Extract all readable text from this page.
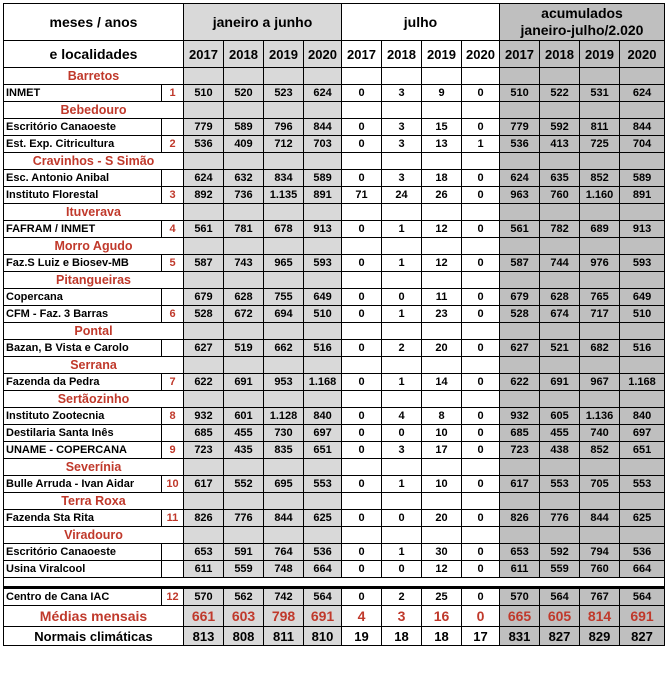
meses / anos		janeiro a junho				julho				acumulados
janeiro-julho/2.020			
e localidades		2017	2018	2019	2020	2017	2018	2019	2020	2017	2018	2019	2020
Barretos													
INMET	1	510	520	523	624	0	3	9	0	510	522	531	624
Bebedouro													
Escritório Canaoeste		779	589	796	844	0	3	15	0	779	592	811	844
Est. Exp. Citricultura	2	536	409	712	703	0	3	13	1	536	413	725	704
Cravinhos - S Simão													
Esc. Antonio Anibal		624	632	834	589	0	3	18	0	624	635	852	589
Instituto Florestal	3	892	736	1.135	891	71	24	26	0	963	760	1.160	891
Ituverava													
FAFRAM / INMET	4	561	781	678	913	0	1	12	0	561	782	689	913
Morro Agudo													
Faz.S Luiz e Biosev-MB	5	587	743	965	593	0	1	12	0	587	744	976	593
Pitangueiras													
Copercana		679	628	755	649	0	0	11	0	679	628	765	649
CFM - Faz. 3 Barras	6	528	672	694	510	0	1	23	0	528	674	717	510
Pontal													
Bazan, B Vista e Carolo		627	519	662	516	0	2	20	0	627	521	682	516
Serrana													
Fazenda da Pedra	7	622	691	953	1.168	0	1	14	0	622	691	967	1.168
Sertãozinho													
Instituto Zootecnia	8	932	601	1.128	840	0	4	8	0	932	605	1.136	840
Destilaria Santa Inês		685	455	730	697	0	0	10	0	685	455	740	697
UNAME - COPERCANA	9	723	435	835	651	0	3	17	0	723	438	852	651
Severínia													
Bulle Arruda - Ivan Aidar	10	617	552	695	553	0	1	10	0	617	553	705	553
Terra Roxa													
Fazenda Sta Rita	11	826	776	844	625	0	0	20	0	826	776	844	625
Viradouro													
Escritório Canaoeste		653	591	764	536	0	1	30	0	653	592	794	536
Usina Viralcool		611	559	748	664	0	0	12	0	611	559	760	664

Centro de Cana IAC	12	570	562	742	564	0	2	25	0	570	564	767	564
Médias mensais		661	603	798	691	4	3	16	0	665	605	814	691
Normais climáticas		813	808	811	810	19	18	18	17	831	827	829	827
